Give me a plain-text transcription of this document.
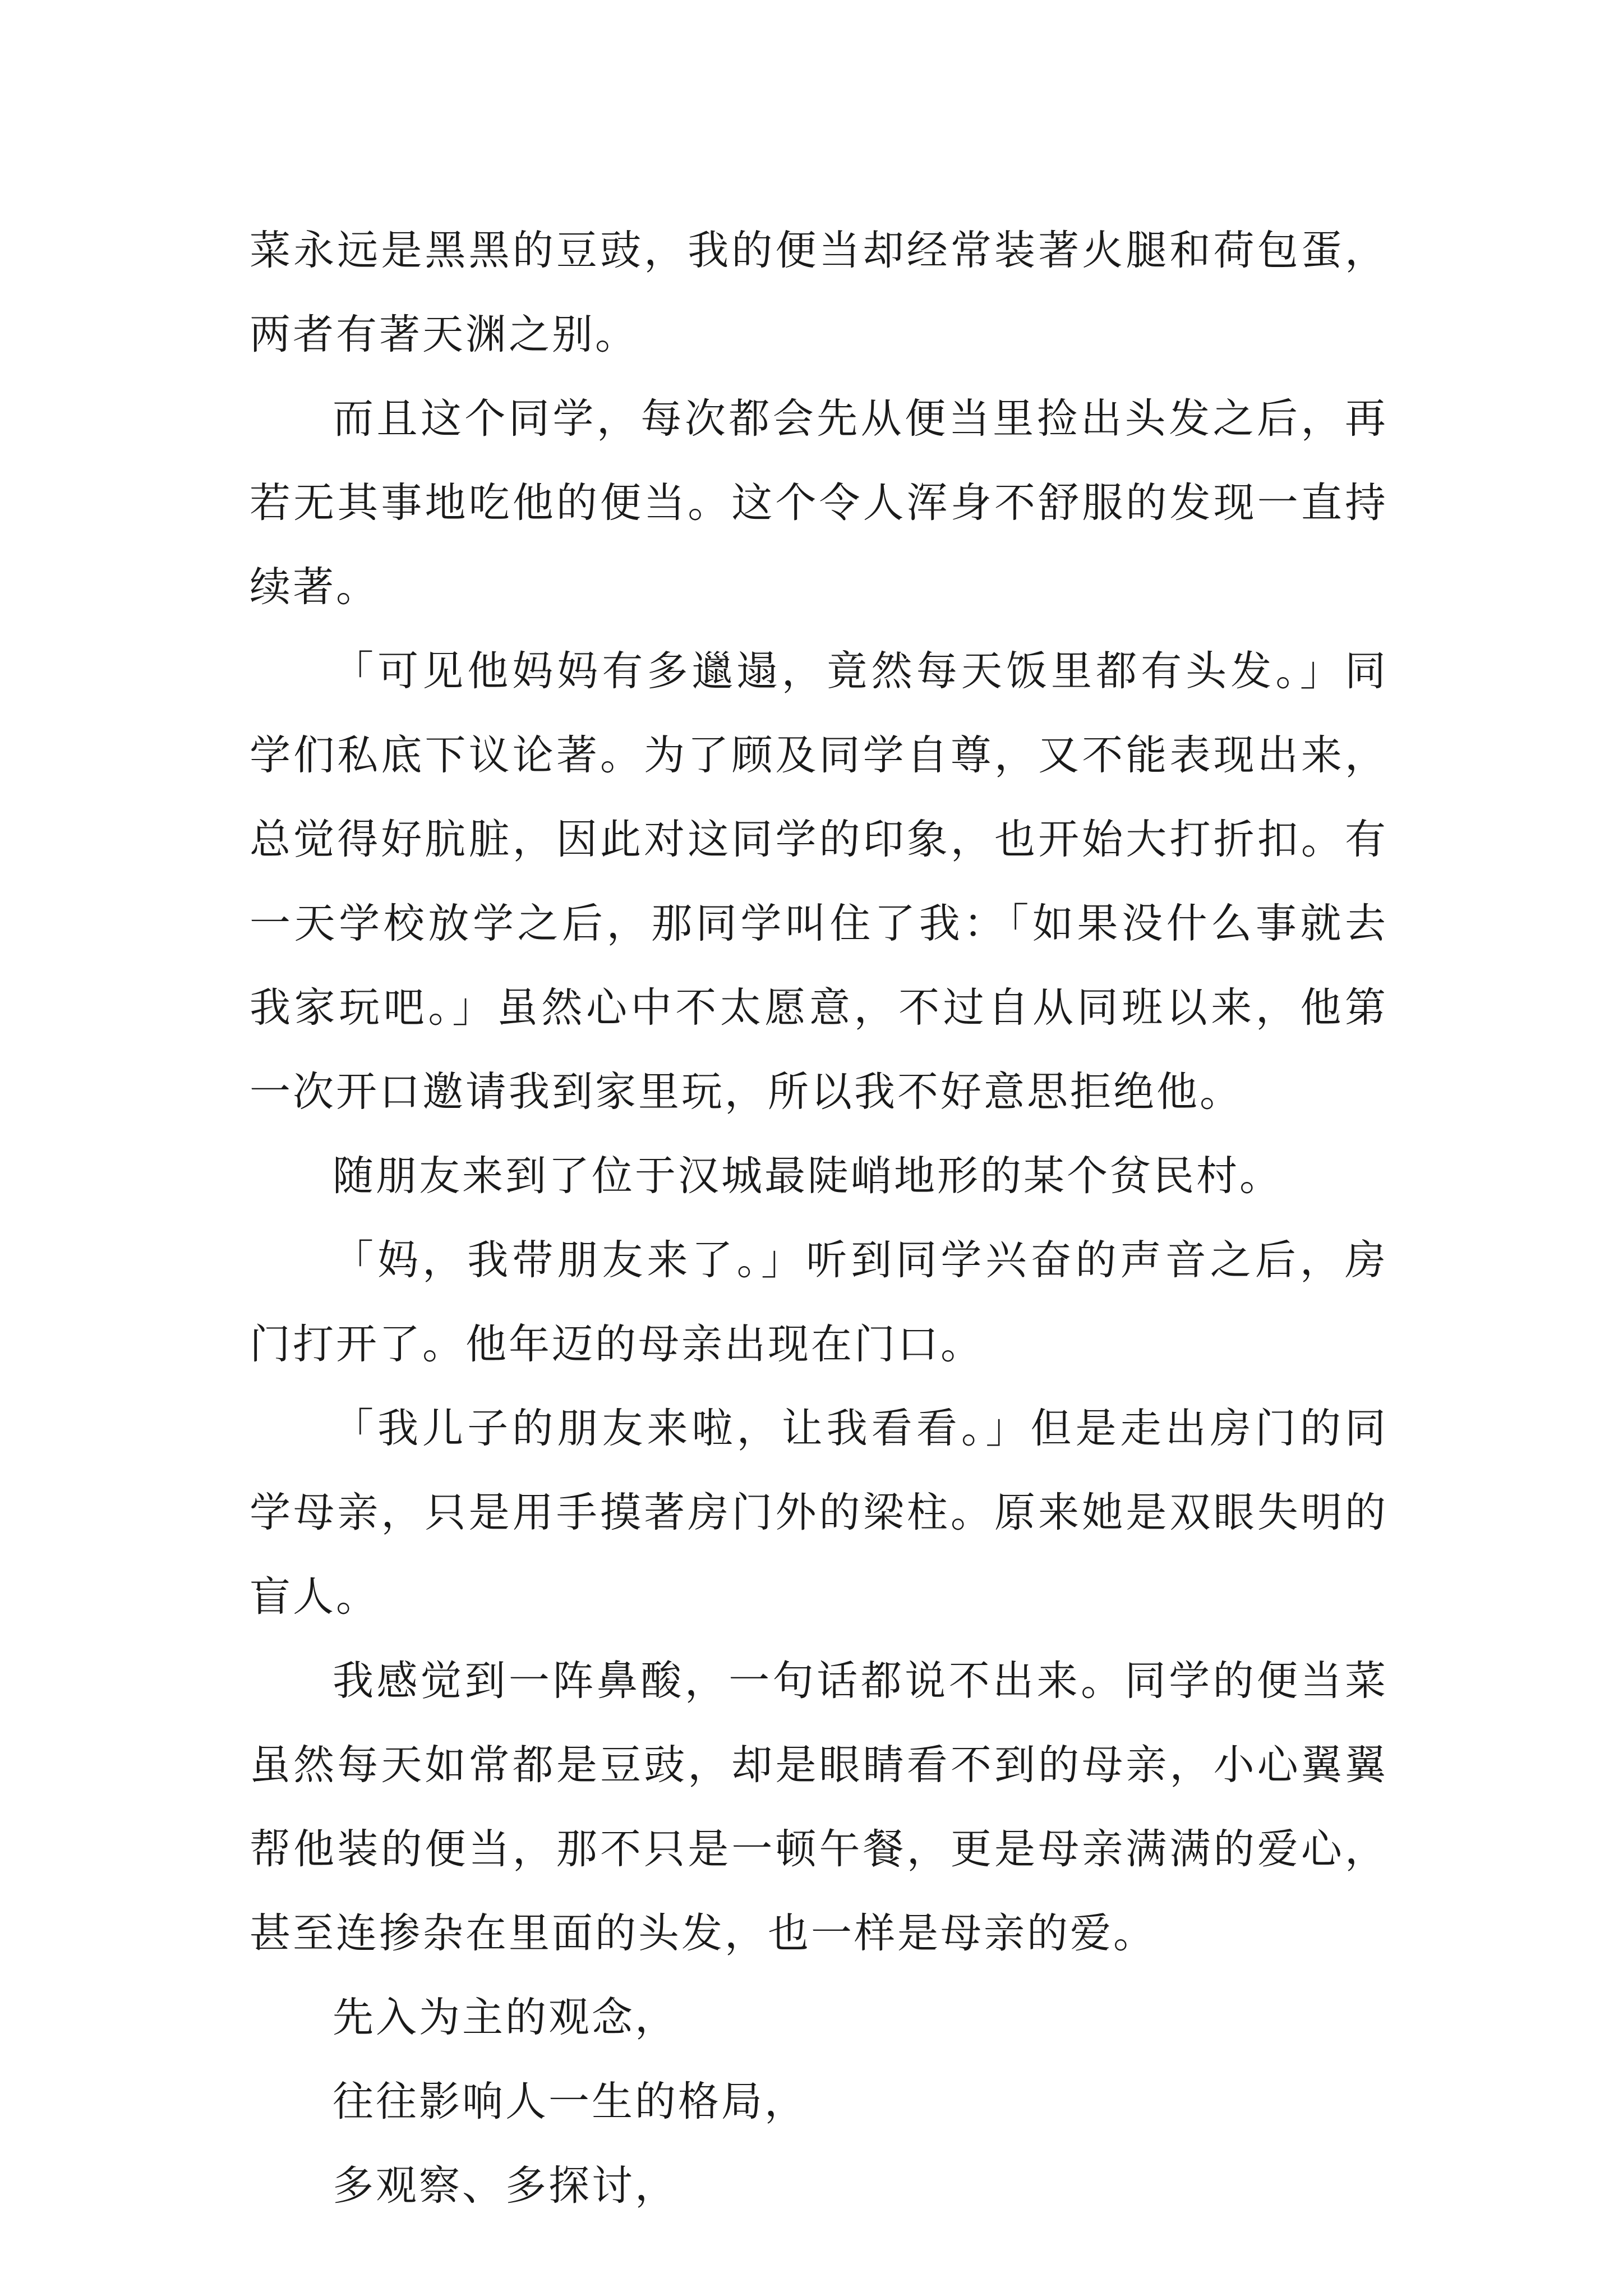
菜永远是黑黑的豆豉，我的便当却经常装著火腿和荷包蛋，两者有著天渊之别。

而且这个同学，每次都会先从便当里捡出头发之后，再若无其事地吃他的便当。这个令人浑身不舒服的发现一直持续著。

「可见他妈妈有多邋遢，竟然每天饭里都有头发。」同学们私底下议论著。为了顾及同学自尊，又不能表现出来，总觉得好肮脏，因此对这同学的印象，也开始大打折扣。有一天学校放学之后，那同学叫住了我：「如果没什么事就去我家玩吧。」虽然心中不太愿意，不过自从同班以来，他第一次开口邀请我到家里玩，所以我不好意思拒绝他。

随朋友来到了位于汉城最陡峭地形的某个贫民村。

「妈，我带朋友来了。」听到同学兴奋的声音之后，房门打开了。他年迈的母亲出现在门口。

「我儿子的朋友来啦，让我看看。」但是走出房门的同学母亲，只是用手摸著房门外的梁柱。原来她是双眼失明的盲人。

我感觉到一阵鼻酸，一句话都说不出来。同学的便当菜虽然每天如常都是豆豉，却是眼睛看不到的母亲，小心翼翼帮他装的便当，那不只是一顿午餐，更是母亲满满的爱心，甚至连掺杂在里面的头发，也一样是母亲的爱。

先入为主的观念，

往往影响人一生的格局，

多观察、多探讨，
